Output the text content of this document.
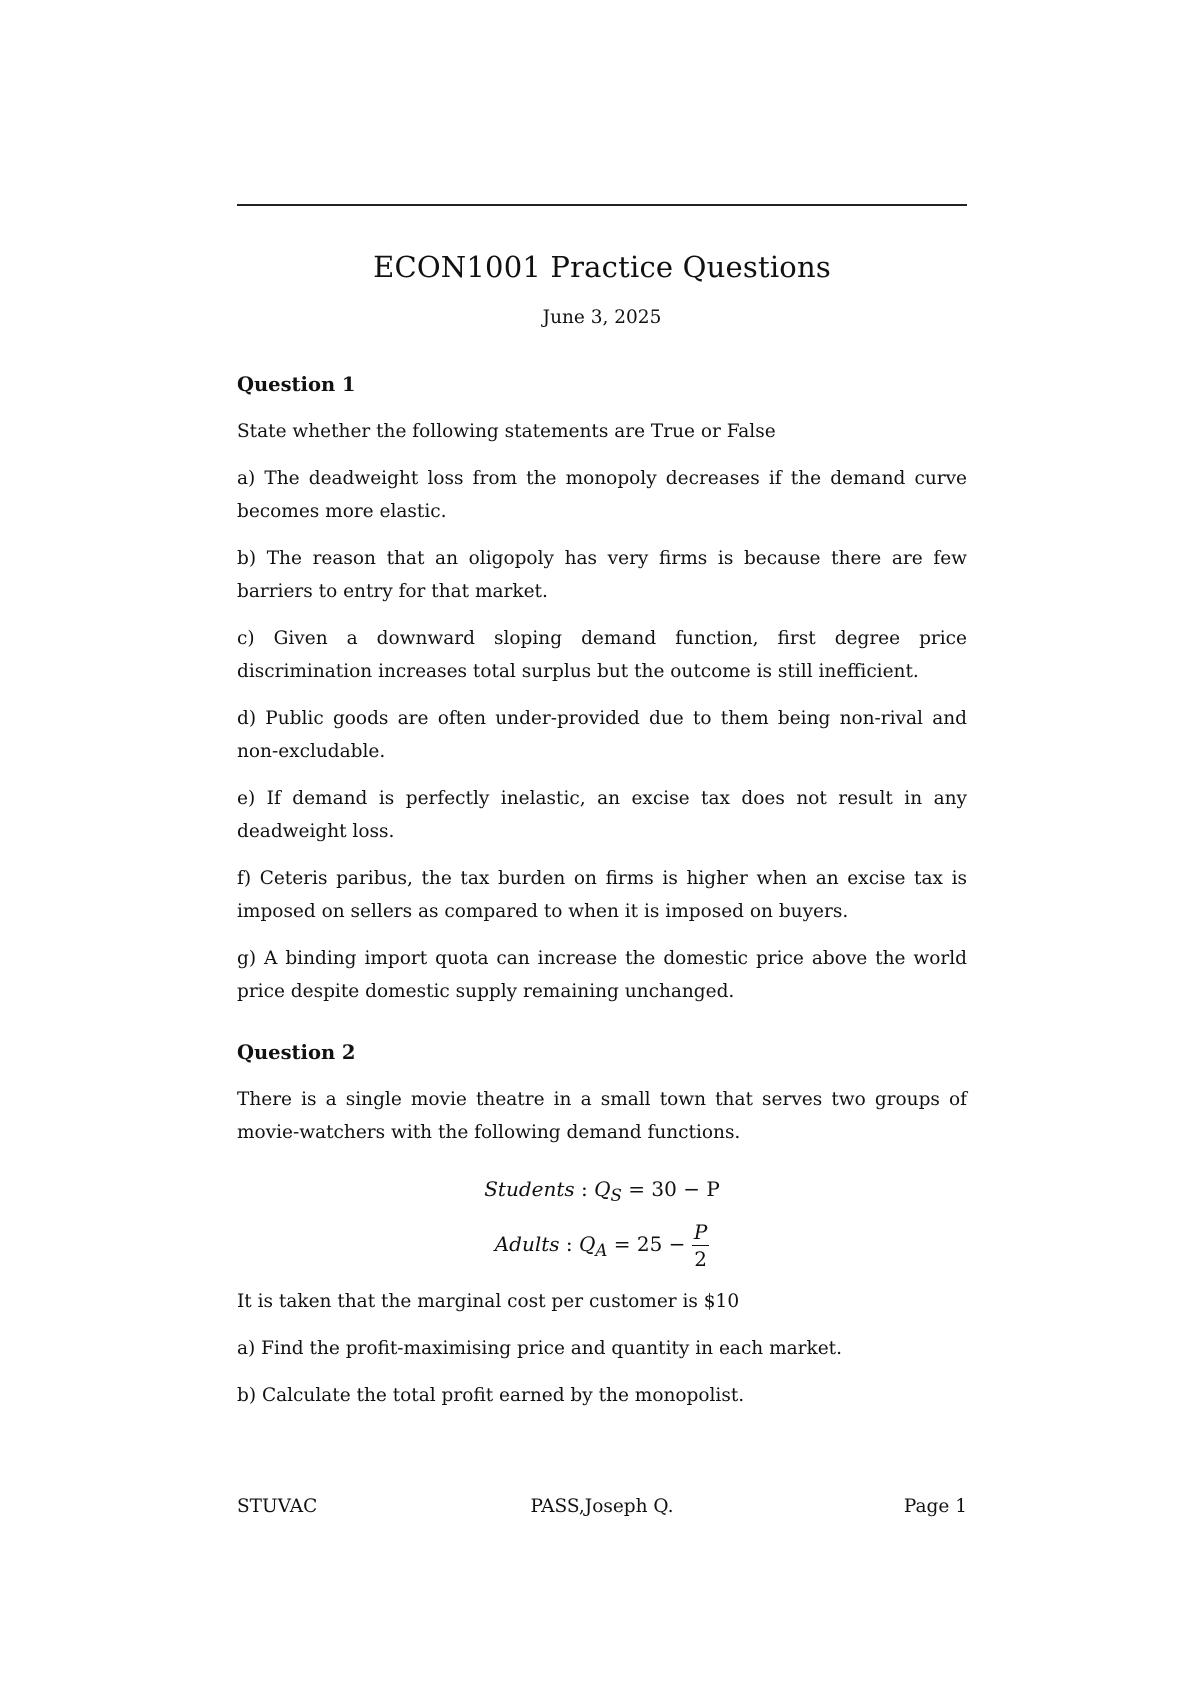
ECON1001 Practice Questions
June 3, 2025
Question 1
State whether the following statements are True or False
a) The deadweight loss from the monopoly decreases if the demand curve becomes more elastic.
b) The reason that an oligopoly has very firms is because there are few barriers to entry for that market.
c) Given a downward sloping demand function, first degree price discrimination increases total surplus but the outcome is still inefficient.
d) Public goods are often under-provided due to them being non-rival and non-excludable.
e) If demand is perfectly inelastic, an excise tax does not result in any deadweight loss.
f) Ceteris paribus, the tax burden on firms is higher when an excise tax is imposed on sellers as compared to when it is imposed on buyers.
g) A binding import quota can increase the domestic price above the world price despite domestic supply remaining unchanged.
Question 2
There is a single movie theatre in a small town that serves two groups of movie-watchers with the following demand functions.
Students : $Q_S = 30 - P$
Adults : $Q_A = 25 - \frac{P}{2}$
It is taken that the marginal cost per customer is $10
a) Find the profit-maximising price and quantity in each market.
b) Calculate the total profit earned by the monopolist.
STUVAC	PASS,Joseph Q.	Page 1
